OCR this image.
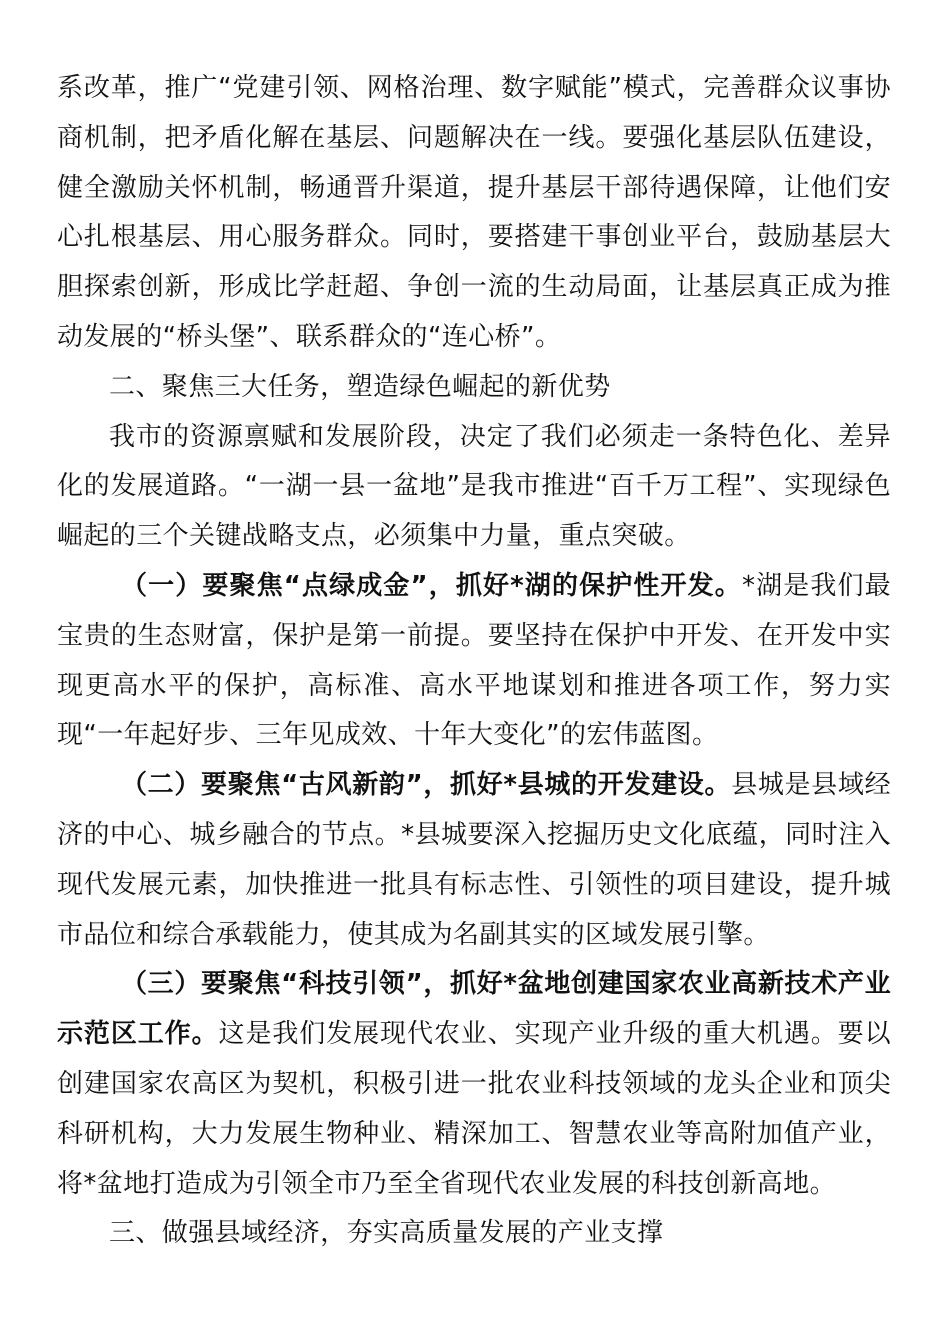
系改革，推广“党建引领、网格治理、数字赋能”模式，完善群众议事协商机制，把矛盾化解在基层、问题解决在一线。要强化基层队伍建设，健全激励关怀机制，畅通晋升渠道，提升基层干部待遇保障，让他们安心扎根基层、用心服务群众。同时，要搭建干事创业平台，鼓励基层大胆探索创新，形成比学赶超、争创一流的生动局面，让基层真正成为推动发展的“桥头堡”、联系群众的“连心桥”。

二、聚焦三大任务，塑造绿色崛起的新优势

我市的资源禀赋和发展阶段，决定了我们必须走一条特色化、差异化的发展道路。“一湖一县一盆地”是我市推进“百千万工程”、实现绿色崛起的三个关键战略支点，必须集中力量，重点突破。

（一）要聚焦“点绿成金”，抓好*湖的保护性开发。*湖是我们最宝贵的生态财富，保护是第一前提。要坚持在保护中开发、在开发中实现更高水平的保护，高标准、高水平地谋划和推进各项工作，努力实现“一年起好步、三年见成效、十年大变化”的宏伟蓝图。

（二）要聚焦“古风新韵”，抓好*县城的开发建设。县城是县域经济的中心、城乡融合的节点。*县城要深入挖掘历史文化底蕴，同时注入现代发展元素，加快推进一批具有标志性、引领性的项目建设，提升城市品位和综合承载能力，使其成为名副其实的区域发展引擎。

（三）要聚焦“科技引领”，抓好*盆地创建国家农业高新技术产业示范区工作。这是我们发展现代农业、实现产业升级的重大机遇。要以创建国家农高区为契机，积极引进一批农业科技领域的龙头企业和顶尖科研机构，大力发展生物种业、精深加工、智慧农业等高附加值产业，将*盆地打造成为引领全市乃至全省现代农业发展的科技创新高地。

三、做强县域经济，夯实高质量发展的产业支撑
